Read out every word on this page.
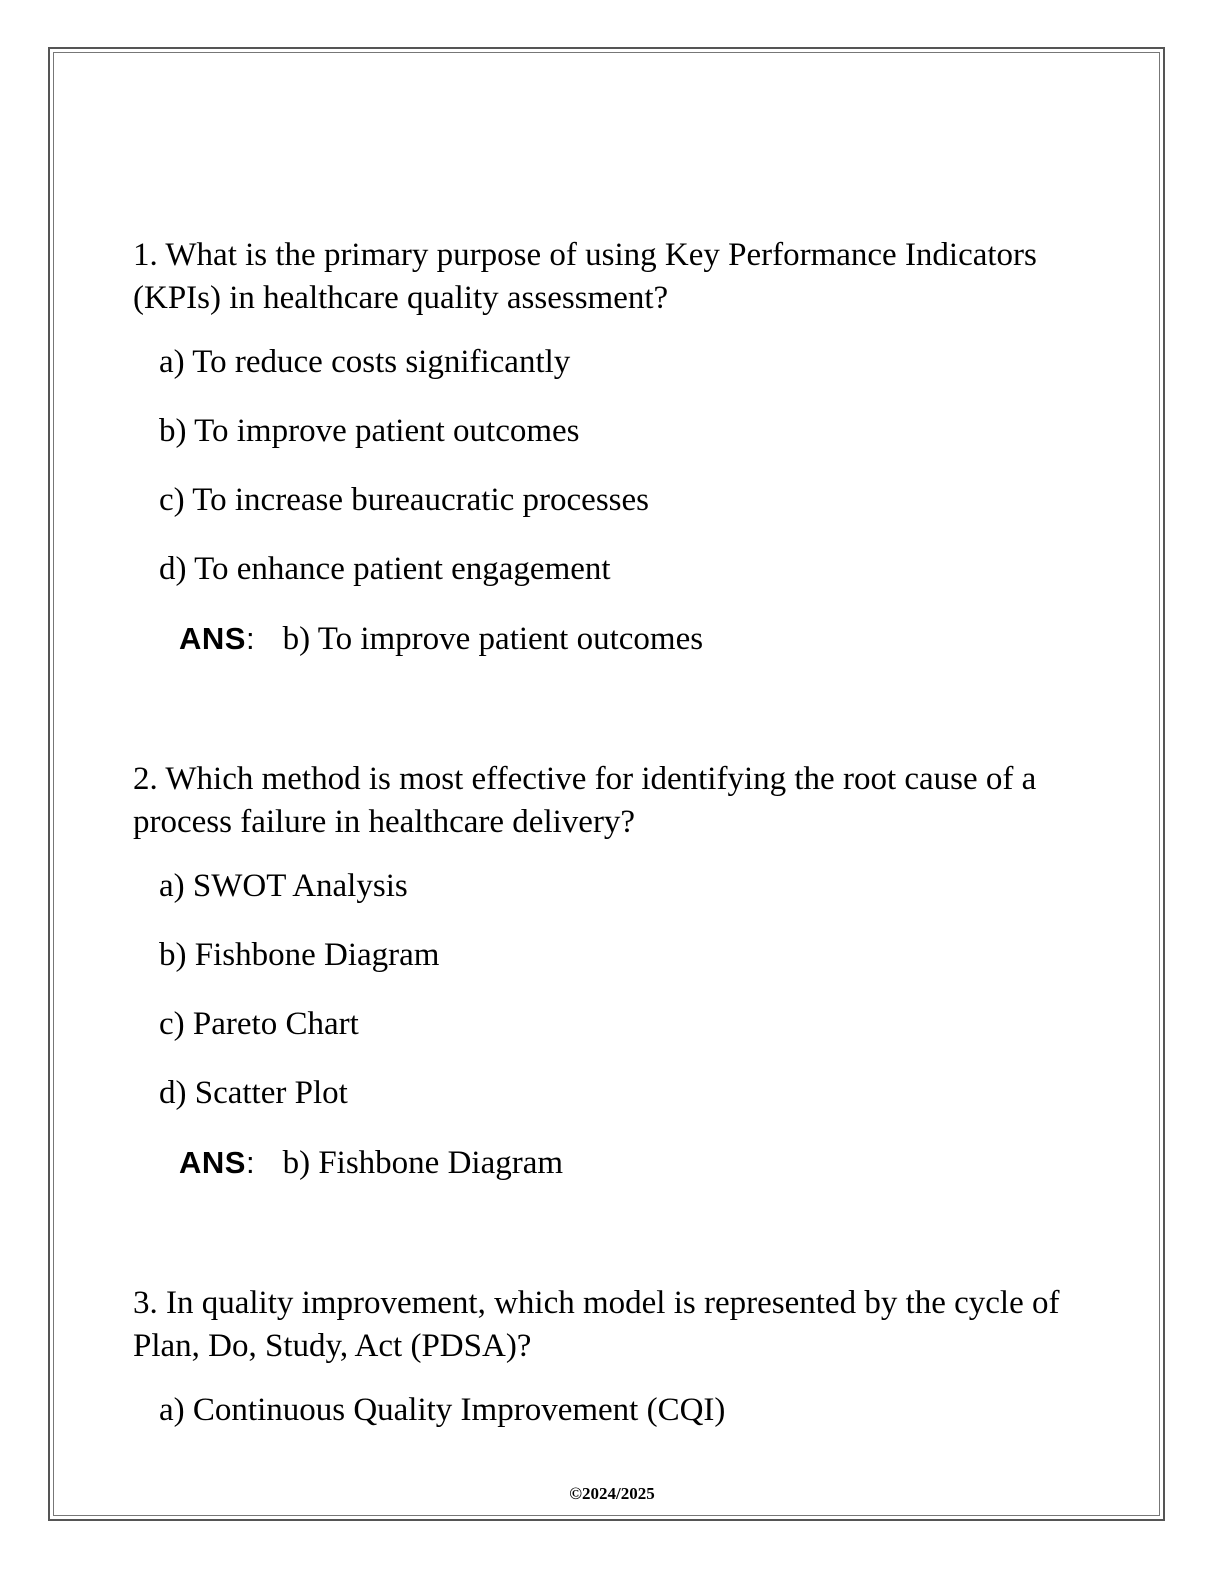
1. What is the primary purpose of using Key Performance Indicators (KPIs) in healthcare quality assessment?

a) To reduce costs significantly

b) To improve patient outcomes

c) To increase bureaucratic processes

d) To enhance patient engagement

ANS: b) To improve patient outcomes

2. Which method is most effective for identifying the root cause of a process failure in healthcare delivery?

a) SWOT Analysis

b) Fishbone Diagram

c) Pareto Chart

d) Scatter Plot

ANS: b) Fishbone Diagram

3. In quality improvement, which model is represented by the cycle of Plan, Do, Study, Act (PDSA)?

a) Continuous Quality Improvement (CQI)

©2024/2025
